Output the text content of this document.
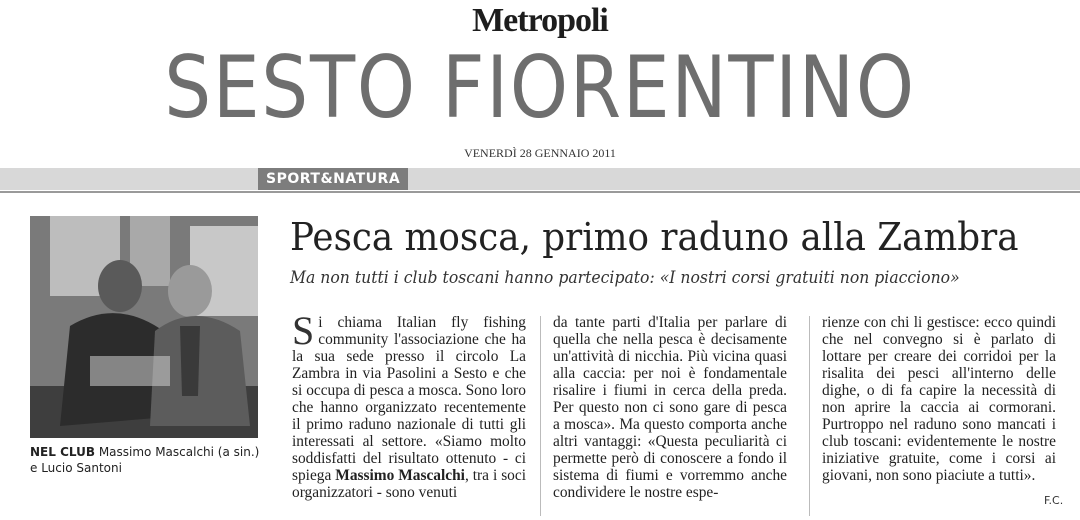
Metropoli
SESTO FIORENTINO
VENERDÌ 28 GENNAIO 2011
SPORT&NATURA
NEL CLUB Massimo Mascalchi (a sin.) e Lucio Santoni
Pesca mosca, primo raduno alla Zambra
Ma non tutti i club toscani hanno partecipato: «I nostri corsi gratuiti non piacciono»
Si chiama Italian fly fishing community l'associazione che ha la sua sede presso il circolo La Zambra in via Pasolini a Sesto e che si occupa di pesca a mosca. Sono loro che hanno organizzato recentemente il primo raduno nazionale di tutti gli interessati al settore. «Siamo molto soddisfatti del risultato ottenuto - ci spiega Massimo Mascalchi, tra i soci organizzatori - sono venuti
da tante parti d'Italia per parlare di quella che nella pesca è decisamente un'attività di nicchia. Più vicina quasi alla caccia: per noi è fondamentale risalire i fiumi in cerca della preda. Per questo non ci sono gare di pesca a mosca». Ma questo comporta anche altri vantaggi: «Questa peculiarità ci permette però di conoscere a fondo il sistema di fiumi e vorremmo anche condividere le nostre espe-
rienze con chi li gestisce: ecco quindi che nel convegno si è parlato di lottare per creare dei corridoi per la risalita dei pesci all'interno delle dighe, o di fa capire la necessità di non aprire la caccia ai cormorani. Purtroppo nel raduno sono mancati i club toscani: evidentemente le nostre iniziative gratuite, come i corsi ai giovani, non sono piaciute a tutti».
F.C.
